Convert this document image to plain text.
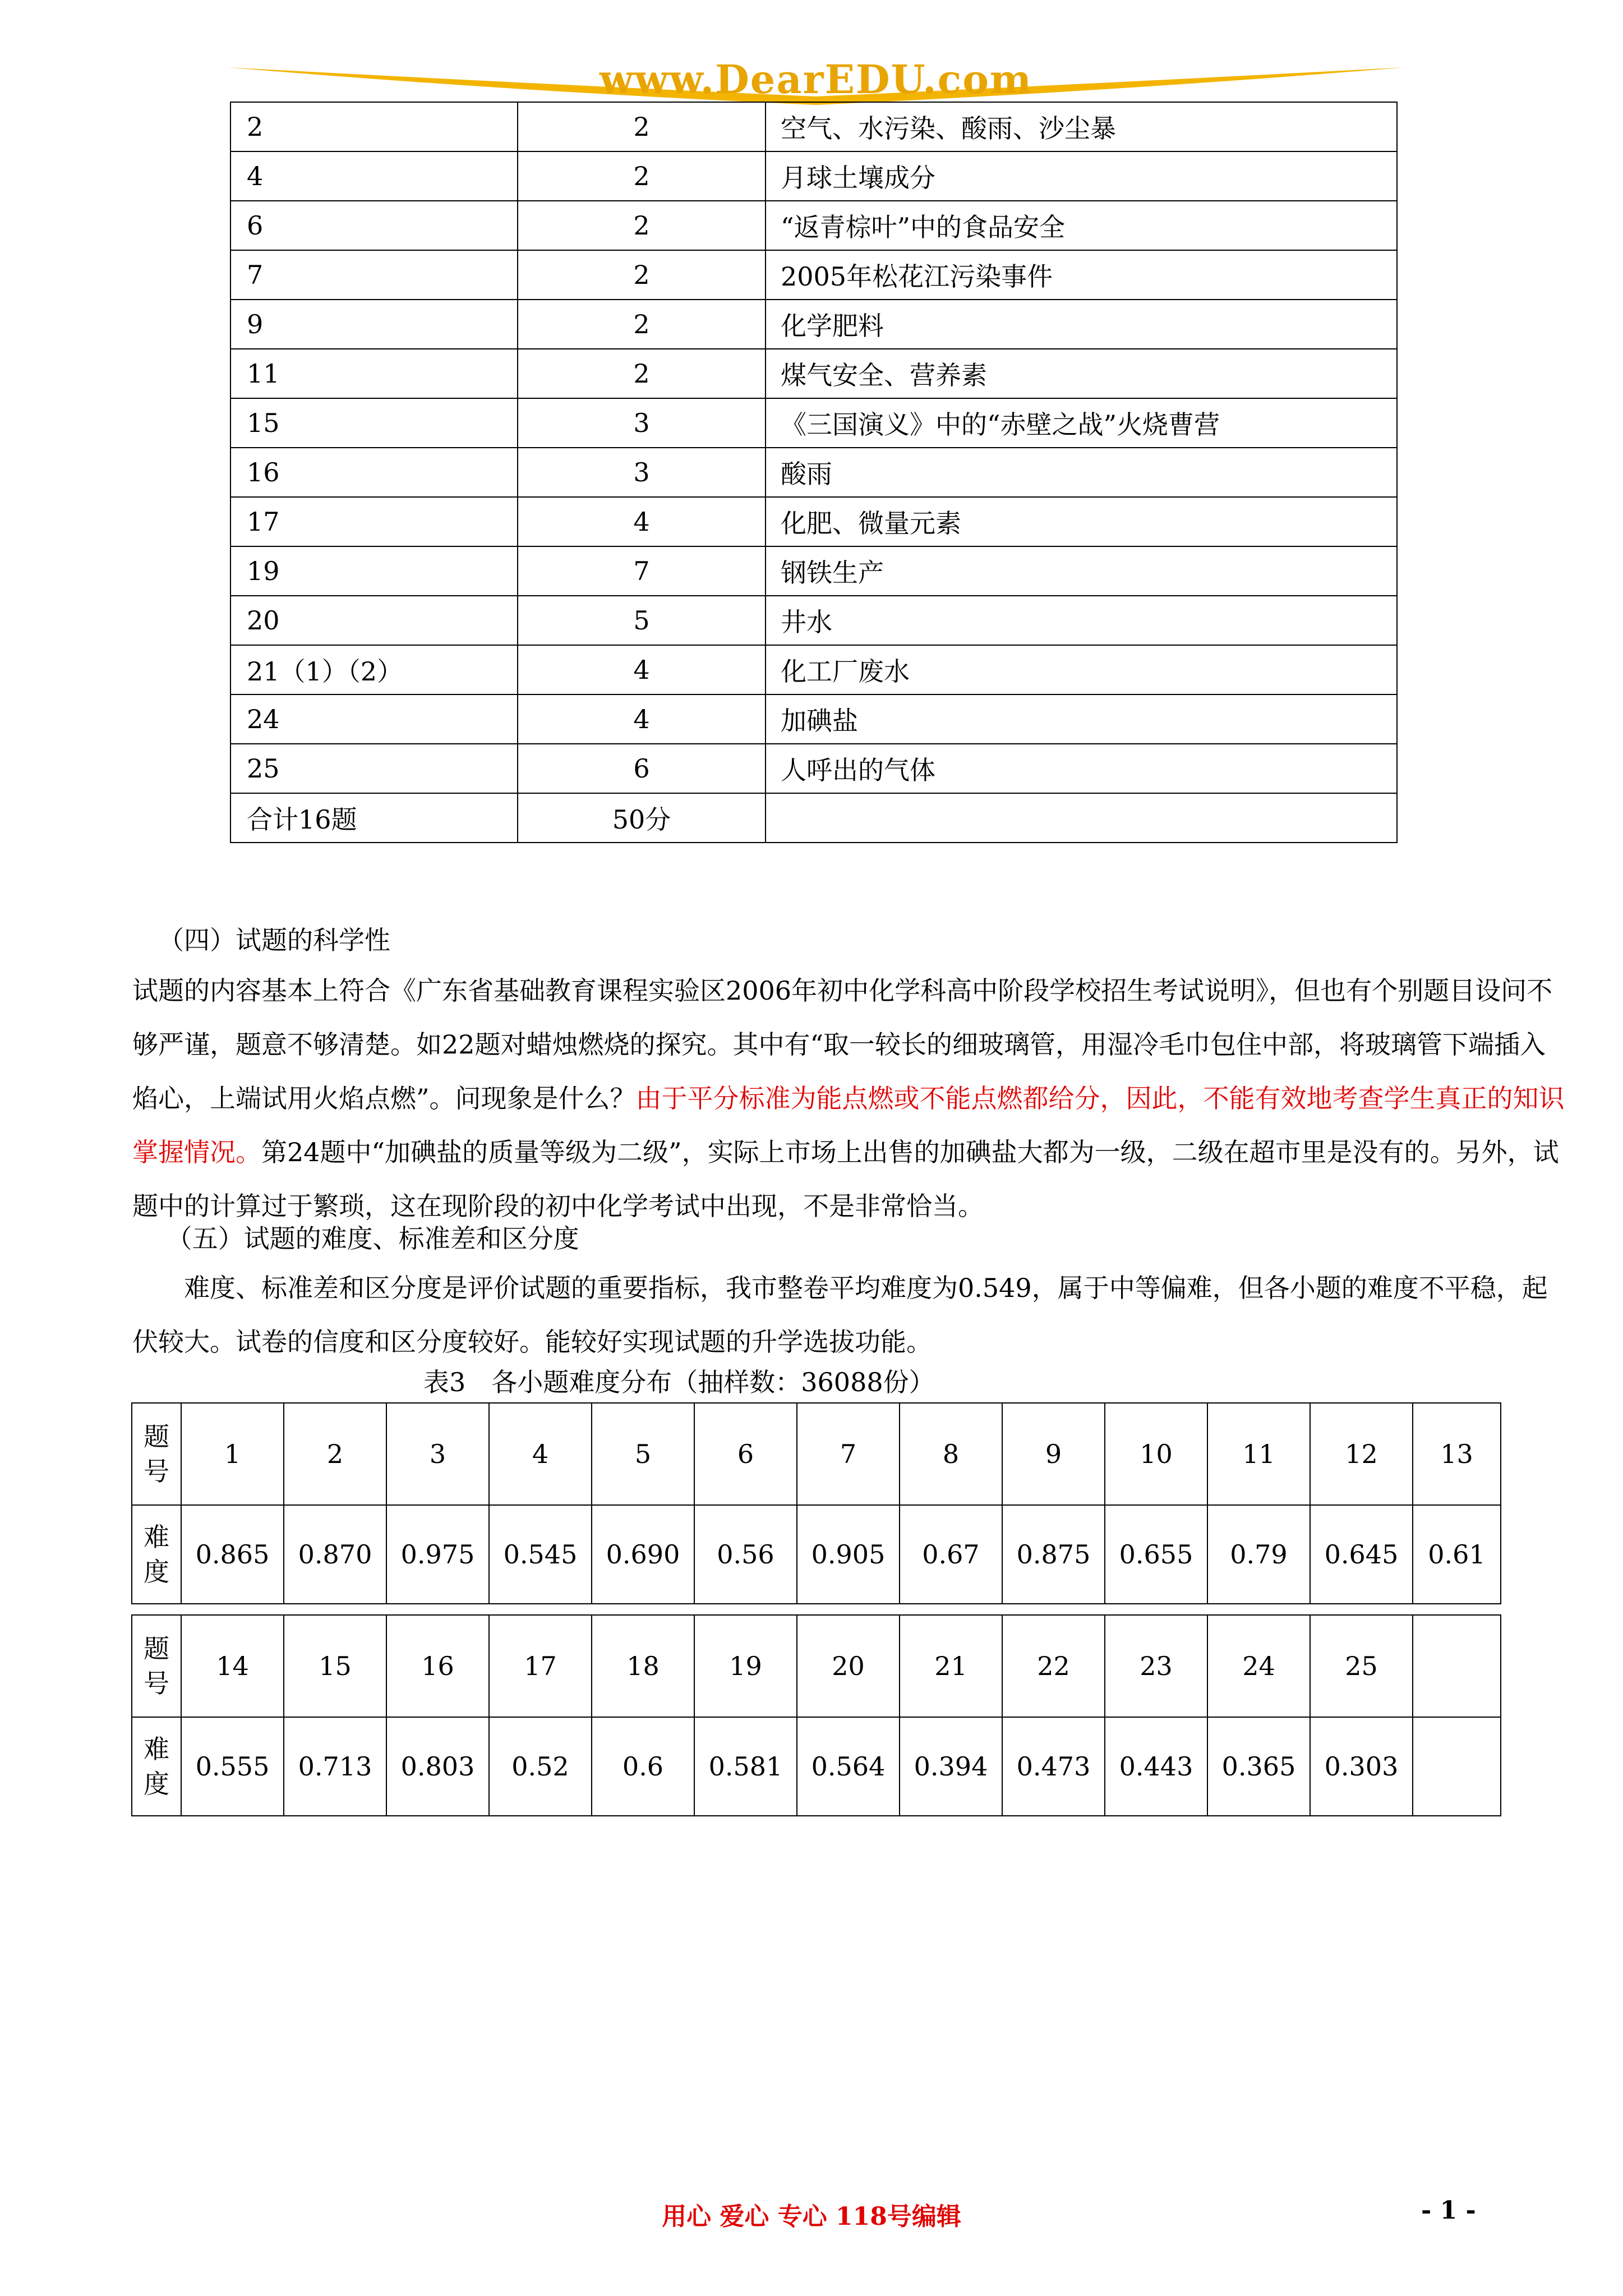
www.DearEDU.com
2	2	空气、水污染、酸雨、沙尘暴
4	2	月球土壤成分
6	2	“返青棕叶”中的食品安全
7	2	2005年松花江污染事件
9	2	化学肥料
11	2	煤气安全、营养素
15	3	《三国演义》中的“赤壁之战”火烧曹营
16	3	酸雨
17	4	化肥、微量元素
19	7	钢铁生产
20	5	井水
21（1）（2）	4	化工厂废水
24	4	加碘盐
25	6	人呼出的气体
合计16题	50分	

（四）试题的科学性

试题的内容基本上符合《广东省基础教育课程实验区2006年初中化学科高中阶段学校招生考试说明》，但也有个别题目设问不够严谨，题意不够清楚。如22题对蜡烛燃烧的探究。其中有“取一较长的细玻璃管，用湿冷毛巾包住中部，将玻璃管下端插入焰心，上端试用火焰点燃”。问现象是什么？由于平分标准为能点燃或不能点燃都给分，因此，不能有效地考查学生真正的知识掌握情况。第24题中“加碘盐的质量等级为二级”，实际上市场上出售的加碘盐大都为一级，二级在超市里是没有的。另外，试题中的计算过于繁琐，这在现阶段的初中化学考试中出现，不是非常恰当。

（五）试题的难度、标准差和区分度

难度、标准差和区分度是评价试题的重要指标，我市整卷平均难度为0.549，属于中等偏难，但各小题的难度不平稳，起伏较大。试卷的信度和区分度较好。能较好实现试题的升学选拔功能。

表3　各小题难度分布（抽样数：36088份）
题
号	1	2	3	4	5	6	7	8	9	10	11	12	13

难
度	0.865	0.870	0.975	0.545	0.690	0.56	0.905	0.67	0.875	0.655	0.79	0.645	0.61
题
号	14	15	16	17	18	19	20	21	22	23	24	25	

难
度	0.555	0.713	0.803	0.52	0.6	0.581	0.564	0.394	0.473	0.443	0.365	0.303	
用心 爱心 专心 118号编辑	- 1 -
